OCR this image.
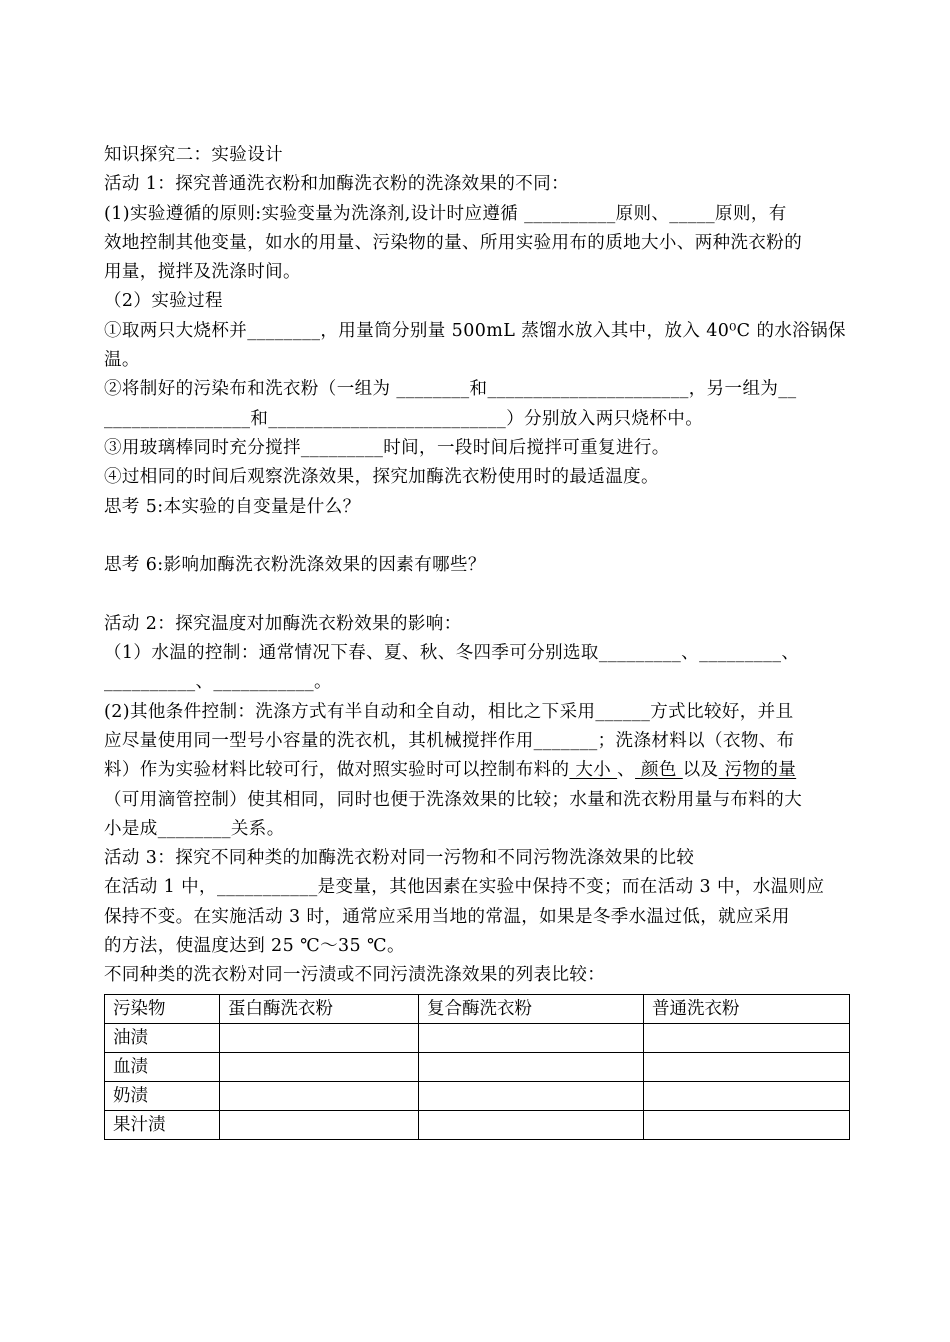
知识探究二：实验设计
活动 1：探究普通洗衣粉和加酶洗衣粉的洗涤效果的不同：
(1)实验遵循的原则:实验变量为洗涤剂,设计时应遵循 __________原则、_____原则，有
效地控制其他变量，如水的用量、污染物的量、所用实验用布的质地大小、两种洗衣粉的
用量，搅拌及洗涤时间。
（2）实验过程
①取两只大烧杯并________，用量筒分别量 500mL 蒸馏水放入其中，放入 40⁰C 的水浴锅保
温。
②将制好的污染布和洗衣粉（一组为 ________和______________________，另一组为__
________________和__________________________）分别放入两只烧杯中。
③用玻璃棒同时充分搅拌_________时间，一段时间后搅拌可重复进行。
④过相同的时间后观察洗涤效果，探究加酶洗衣粉使用时的最适温度。
思考 5:本实验的自变量是什么？
思考 6:影响加酶洗衣粉洗涤效果的因素有哪些？
活动 2：探究温度对加酶洗衣粉效果的影响：
（1）水温的控制：通常情况下春、夏、秋、冬四季可分别选取_________、_________、
__________、___________。
(2)其他条件控制：洗涤方式有半自动和全自动，相比之下采用______方式比较好，并且
应尽量使用同一型号小容量的洗衣机，其机械搅拌作用_______；洗涤材料以（衣物、布
料）作为实验材料比较可行，做对照实验时可以控制布料的 大小 、 颜色 以及 污物的量
（可用滴管控制）使其相同，同时也便于洗涤效果的比较；水量和洗衣粉用量与布料的大
小是成________关系。
活动 3：探究不同种类的加酶洗衣粉对同一污物和不同污物洗涤效果的比较
在活动 1 中，___________是变量，其他因素在实验中保持不变；而在活动 3 中，水温则应
保持不变。在实施活动 3 时，通常应采用当地的常温，如果是冬季水温过低，就应采用
的方法，使温度达到 25 ℃～35 ℃。
不同种类的洗衣粉对同一污渍或不同污渍洗涤效果的列表比较：
污染物	蛋白酶洗衣粉	复合酶洗衣粉	普通洗衣粉
油渍			
血渍			
奶渍			
果汁渍			
